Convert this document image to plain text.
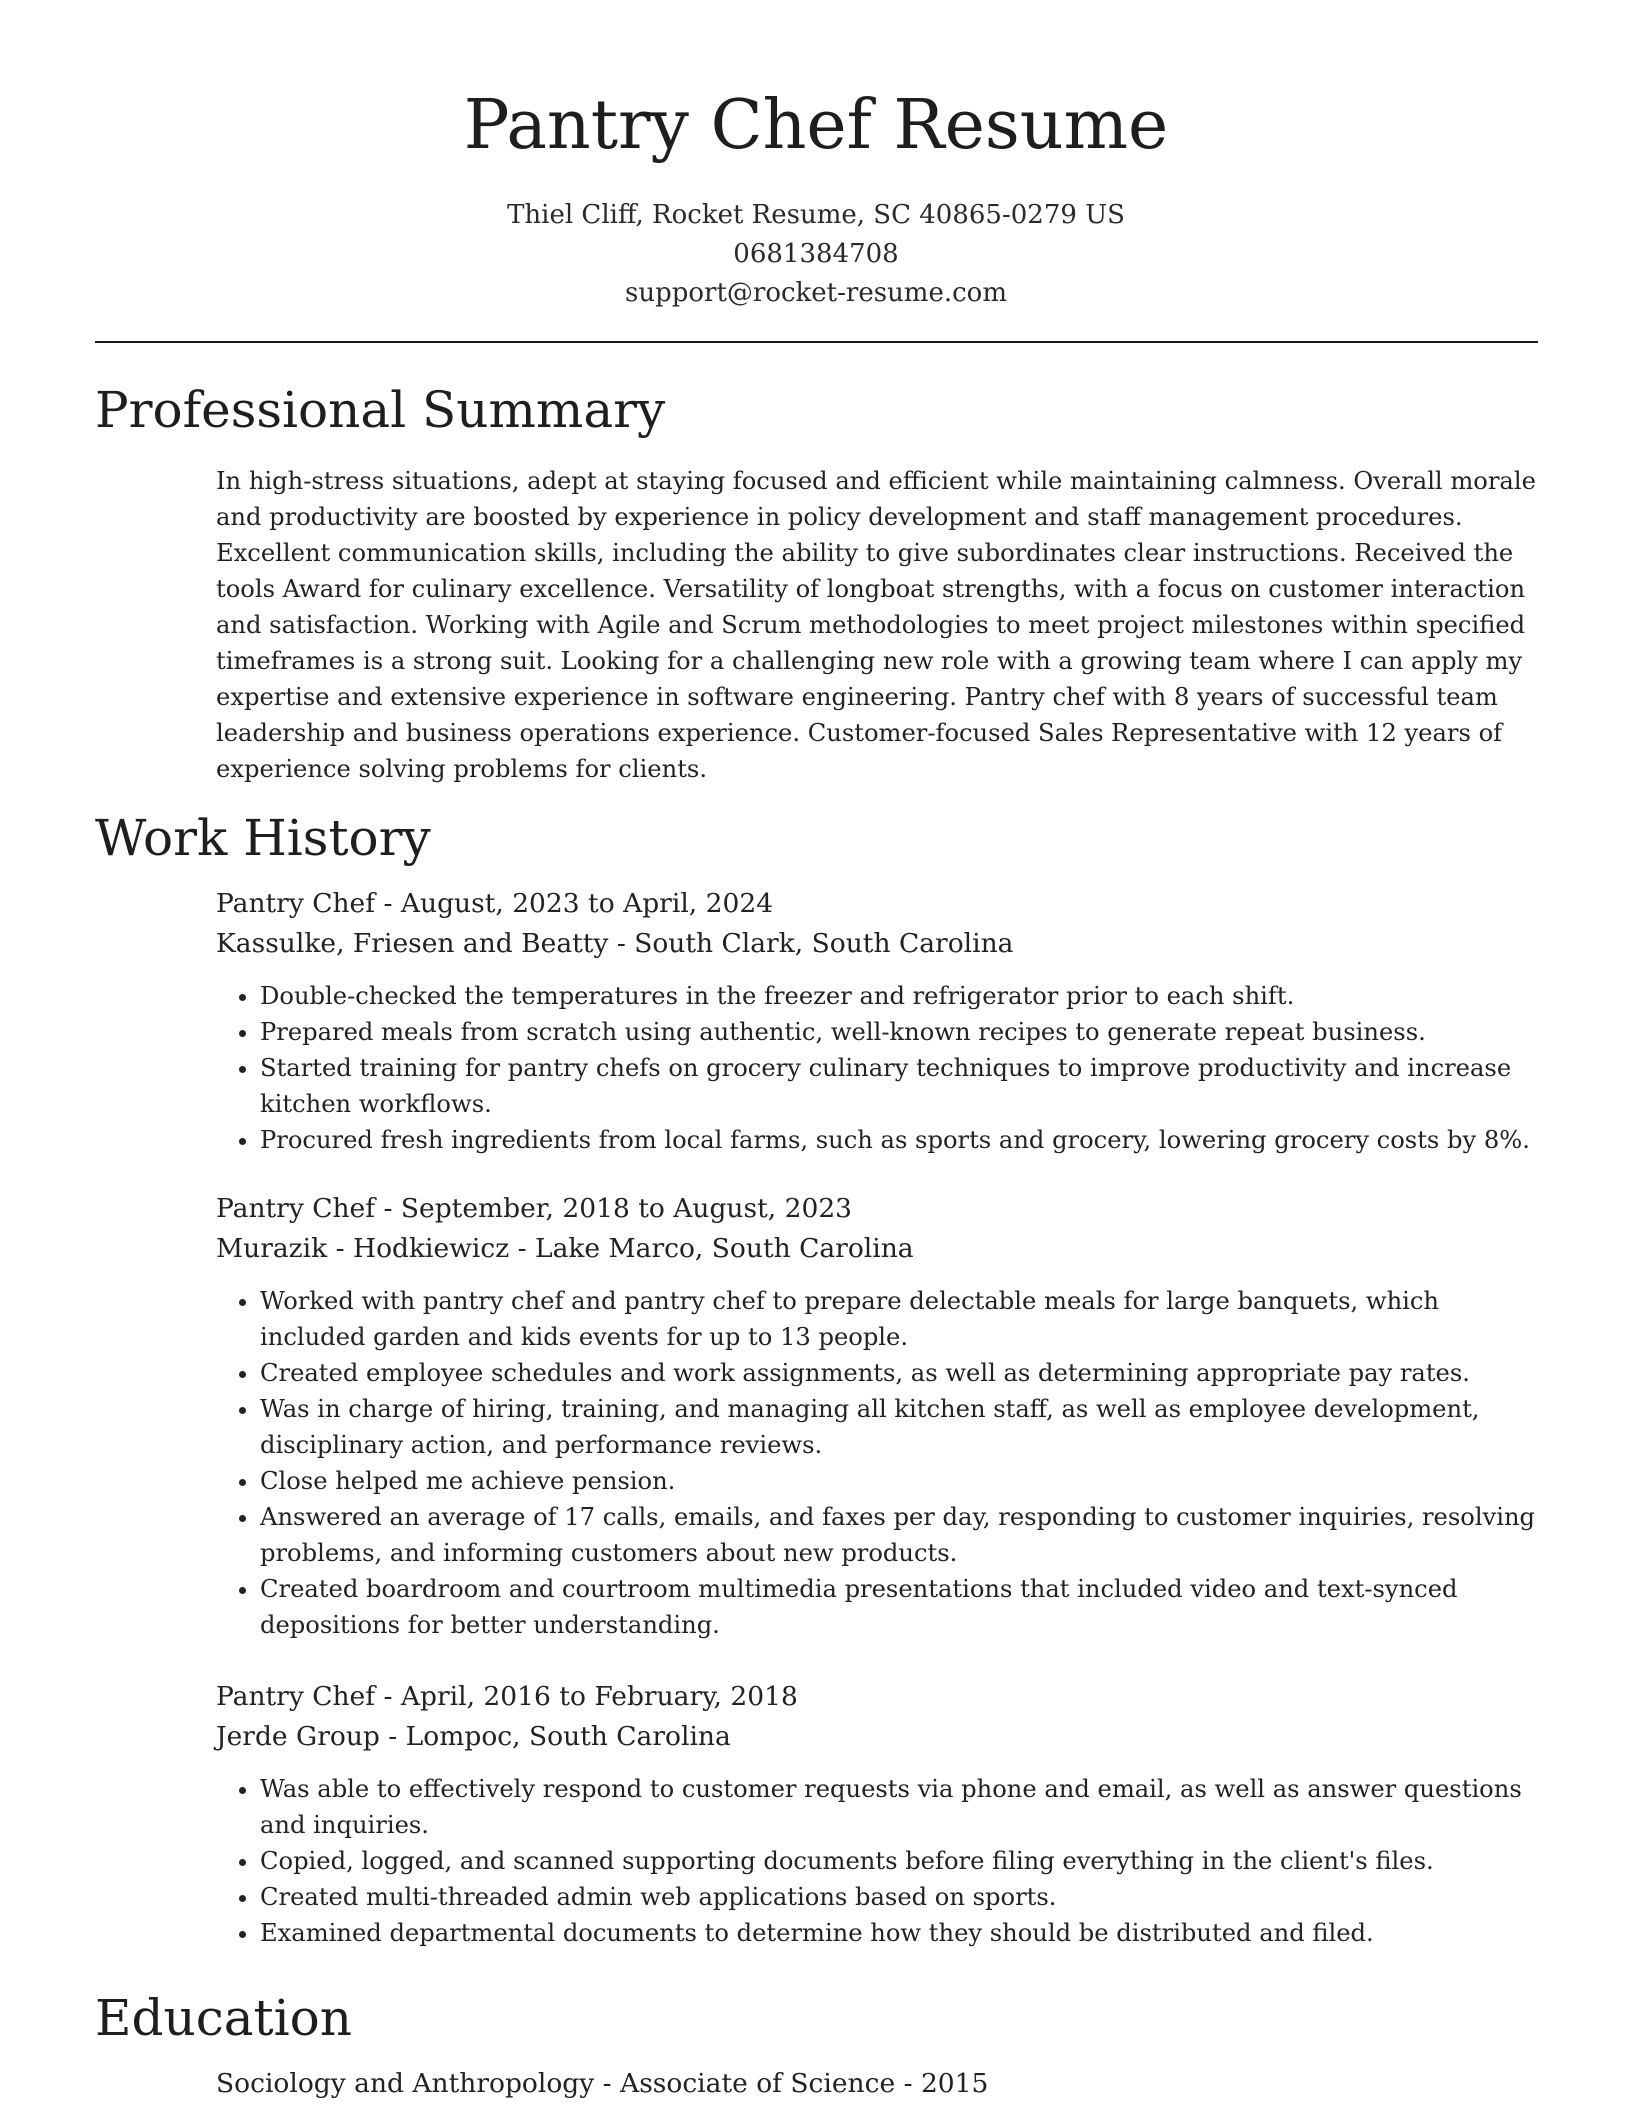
Pantry Chef Resume
Thiel Cliff, Rocket Resume, SC 40865-0279 US
0681384708
support@rocket-resume.com
Professional Summary

In high-stress situations, adept at staying focused and efficient while maintaining calmness. Overall morale and productivity are boosted by experience in policy development and staff management procedures. Excellent communication skills, including the ability to give subordinates clear instructions. Received the tools Award for culinary excellence. Versatility of longboat strengths, with a focus on customer interaction and satisfaction. Working with Agile and Scrum methodologies to meet project milestones within specified timeframes is a strong suit. Looking for a challenging new role with a growing team where I can apply my expertise and extensive experience in software engineering. Pantry chef with 8 years of successful team leadership and business operations experience. Customer-focused Sales Representative with 12 years of experience solving problems for clients.

Work History
Pantry Chef - August, 2023 to April, 2024
Kassulke, Friesen and Beatty - South Clark, South Carolina
• Double-checked the temperatures in the freezer and refrigerator prior to each shift.
• Prepared meals from scratch using authentic, well-known recipes to generate repeat business.
• Started training for pantry chefs on grocery culinary techniques to improve productivity and increase kitchen workflows.
• Procured fresh ingredients from local farms, such as sports and grocery, lowering grocery costs by 8%.
Pantry Chef - September, 2018 to August, 2023
Murazik - Hodkiewicz - Lake Marco, South Carolina
• Worked with pantry chef and pantry chef to prepare delectable meals for large banquets, which included garden and kids events for up to 13 people.
• Created employee schedules and work assignments, as well as determining appropriate pay rates.
• Was in charge of hiring, training, and managing all kitchen staff, as well as employee development, disciplinary action, and performance reviews.
• Close helped me achieve pension.
• Answered an average of 17 calls, emails, and faxes per day, responding to customer inquiries, resolving problems, and informing customers about new products.
• Created boardroom and courtroom multimedia presentations that included video and text-synced depositions for better understanding.
Pantry Chef - April, 2016 to February, 2018
Jerde Group - Lompoc, South Carolina
• Was able to effectively respond to customer requests via phone and email, as well as answer questions and inquiries.
• Copied, logged, and scanned supporting documents before filing everything in the client's files.
• Created multi-threaded admin web applications based on sports.
• Examined departmental documents to determine how they should be distributed and filed.
Education
Sociology and Anthropology - Associate of Science - 2015
